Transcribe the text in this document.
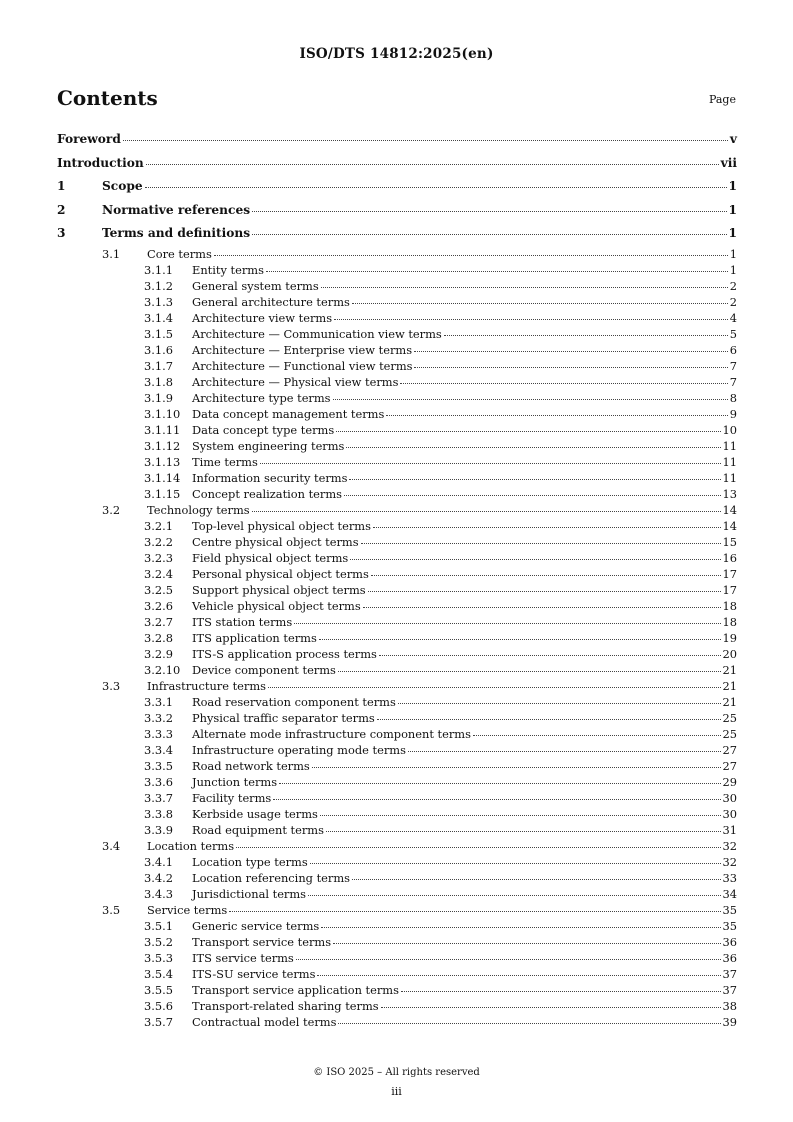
ISO/DTS 14812:2025(en)
Contents	Page
Foreword	v
Introduction	vii
1	Scope	1
2	Normative references	1
3	Terms and definitions	1
3.1	Core terms	1
3.1.1	Entity terms	1
3.1.2	General system terms	2
3.1.3	General architecture terms	2
3.1.4	Architecture view terms	4
3.1.5	Architecture — Communication view terms	5
3.1.6	Architecture — Enterprise view terms	6
3.1.7	Architecture — Functional view terms	7
3.1.8	Architecture — Physical view terms	7
3.1.9	Architecture type terms	8
3.1.10	Data concept management terms	9
3.1.11	Data concept type terms	10
3.1.12	System engineering terms	11
3.1.13	Time terms	11
3.1.14	Information security terms	11
3.1.15	Concept realization terms	13
3.2	Technology terms	14
3.2.1	Top-level physical object terms	14
3.2.2	Centre physical object terms	15
3.2.3	Field physical object terms	16
3.2.4	Personal physical object terms	17
3.2.5	Support physical object terms	17
3.2.6	Vehicle physical object terms	18
3.2.7	ITS station terms	18
3.2.8	ITS application terms	19
3.2.9	ITS-S application process terms	20
3.2.10	Device component terms	21
3.3	Infrastructure terms	21
3.3.1	Road reservation component terms	21
3.3.2	Physical traffic separator terms	25
3.3.3	Alternate mode infrastructure component terms	25
3.3.4	Infrastructure operating mode terms	27
3.3.5	Road network terms	27
3.3.6	Junction terms	29
3.3.7	Facility terms	30
3.3.8	Kerbside usage terms	30
3.3.9	Road equipment terms	31
3.4	Location terms	32
3.4.1	Location type terms	32
3.4.2	Location referencing terms	33
3.4.3	Jurisdictional terms	34
3.5	Service terms	35
3.5.1	Generic service terms	35
3.5.2	Transport service terms	36
3.5.3	ITS service terms	36
3.5.4	ITS-SU service terms	37
3.5.5	Transport service application terms	37
3.5.6	Transport-related sharing terms	38
3.5.7	Contractual model terms	39
© ISO 2025 – All rights reserved
iii
